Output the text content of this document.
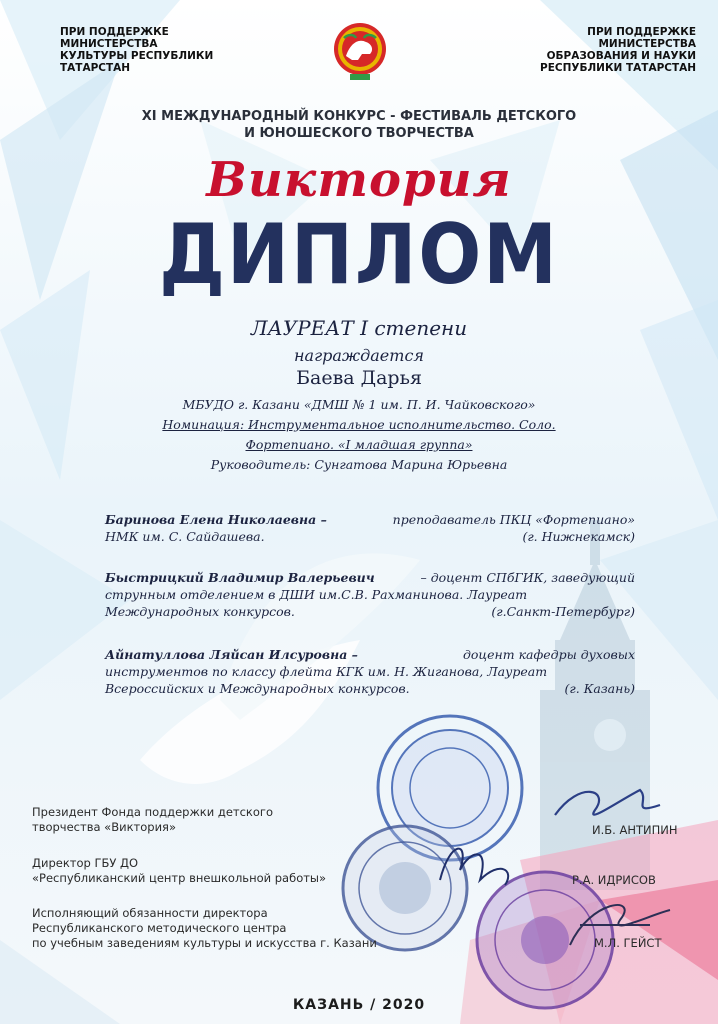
ПРИ ПОДДЕРЖКЕ
МИНИСТЕРСТВА
КУЛЬТУРЫ РЕСПУБЛИКИ
ТАТАРСТАН
ПРИ ПОДДЕРЖКЕ
МИНИСТЕРСТВА
ОБРАЗОВАНИЯ И НАУКИ
РЕСПУБЛИКИ ТАТАРСТАН
XI МЕЖДУНАРОДНЫЙ КОНКУРС - ФЕСТИВАЛЬ ДЕТСКОГО
И ЮНОШЕСКОГО ТВОРЧЕСТВА
Виктория
ДИПЛОМ
ЛАУРЕАТ I степени
награждается
Баева Дарья
МБУДО г. Казани «ДМШ № 1 им. П. И. Чайковского»
Номинация: Инструментальное исполнительство. Соло.
Фортепиано. «I младшая группа»
Руководитель: Сунгатова Марина Юрьевна
Баринова Елена Николаевна –	преподаватель ПКЦ «Фортепиано»
НМК им. С. Сайдашева.	(г. Нижнекамск)
Быстрицкий Владимир Валерьевич	– доцент СПбГИК, заведующий
струнным отделением в ДШИ им.С.В. Рахманинова. Лауреат
Международных конкурсов.	(г.Санкт-Петербург)
Айнатуллова Ляйсан Илсуровна –	доцент кафедры духовых
инструментов по классу флейта КГК им. Н. Жиганова, Лауреат
Всероссийских и Международных конкурсов.	(г. Казань)
Президент Фонда поддержки детского
творчества «Виктория»	И.Б. АНТИПИН
Директор ГБУ ДО
«Республиканский центр внешкольной работы»	Р.А. ИДРИСОВ
Исполняющий обязанности директора
Республиканского методического центра
по учебным заведениям культуры и искусства г. Казани	М.Л. ГЕЙСТ
КАЗАНЬ / 2020
